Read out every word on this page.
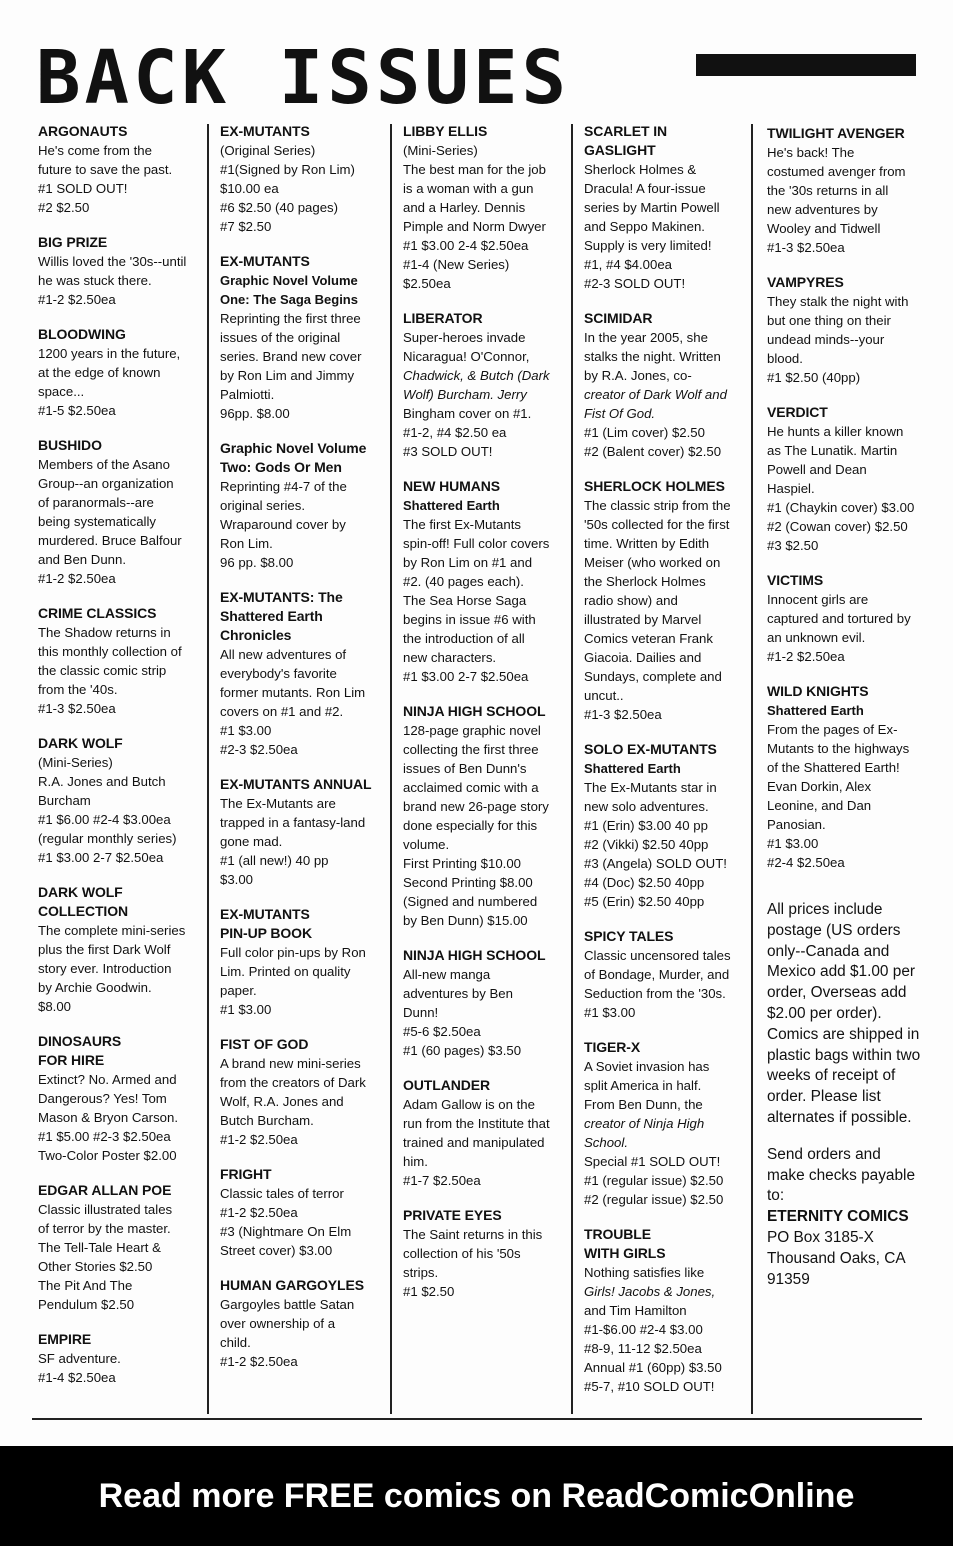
BACK ISSUES
ARGONAUTS
He's come from the
future to save the past.
#1 SOLD OUT!
#2 $2.50
BIG PRIZE
Willis loved the '30s--until
he was stuck there.
#1-2 $2.50ea
BLOODWING
1200 years in the future,
at the edge of known
space...
#1-5 $2.50ea
BUSHIDO
Members of the Asano
Group--an organization
of paranormals--are
being systematically
murdered. Bruce Balfour
and Ben Dunn.
#1-2 $2.50ea
CRIME CLASSICS
The Shadow returns in
this monthly collection of
the classic comic strip
from the '40s.
#1-3 $2.50ea
DARK WOLF
(Mini-Series)
R.A. Jones and Butch
Burcham
#1 $6.00 #2-4 $3.00ea
(regular monthly series)
#1 $3.00 2-7 $2.50ea
DARK WOLF
COLLECTION
The complete mini-series
plus the first Dark Wolf
story ever. Introduction
by Archie Goodwin.
$8.00
DINOSAURS
FOR HIRE
Extinct? No. Armed and
Dangerous? Yes! Tom
Mason & Bryon Carson.
#1 $5.00 #2-3 $2.50ea
Two-Color Poster $2.00
EDGAR ALLAN POE
Classic illustrated tales
of terror by the master.
The Tell-Tale Heart &
Other Stories $2.50
The Pit And The
Pendulum $2.50
EMPIRE
SF adventure.
#1-4 $2.50ea
EX-MUTANTS
(Original Series)
#1(Signed by Ron Lim)
$10.00 ea
#6 $2.50 (40 pages)
#7 $2.50
EX-MUTANTS
Graphic Novel Volume
One: The Saga Begins
Reprinting the first three
issues of the original
series. Brand new cover
by Ron Lim and Jimmy
Palmiotti.
96pp. $8.00
Graphic Novel Volume
Two: Gods Or Men
Reprinting #4-7 of the
original series.
Wraparound cover by
Ron Lim.
96 pp. $8.00
EX-MUTANTS: The
Shattered Earth
Chronicles
All new adventures of
everybody's favorite
former mutants. Ron Lim
covers on #1 and #2.
#1 $3.00
#2-3 $2.50ea
EX-MUTANTS ANNUAL
The Ex-Mutants are
trapped in a fantasy-land
gone mad.
#1 (all new!) 40 pp
$3.00
EX-MUTANTS
PIN-UP BOOK
Full color pin-ups by Ron
Lim. Printed on quality
paper.
#1 $3.00
FIST OF GOD
A brand new mini-series
from the creators of Dark
Wolf, R.A. Jones and
Butch Burcham.
#1-2 $2.50ea
FRIGHT
Classic tales of terror
#1-2 $2.50ea
#3 (Nightmare On Elm
Street cover) $3.00
HUMAN GARGOYLES
Gargoyles battle Satan
over ownership of a
child.
#1-2 $2.50ea
LIBBY ELLIS
(Mini-Series)
The best man for the job
is a woman with a gun
and a Harley. Dennis
Pimple and Norm Dwyer
#1 $3.00 2-4 $2.50ea
#1-4 (New Series)
$2.50ea
LIBERATOR
Super-heroes invade
Nicaragua! O'Connor,
Chadwick, & Butch (Dark
Wolf) Burcham. Jerry
Bingham cover on #1.
#1-2, #4 $2.50 ea
#3 SOLD OUT!
NEW HUMANS
Shattered Earth
The first Ex-Mutants
spin-off! Full color covers
by Ron Lim on #1 and
#2. (40 pages each).
The Sea Horse Saga
begins in issue #6 with
the introduction of all
new characters.
#1 $3.00 2-7 $2.50ea
NINJA HIGH SCHOOL
128-page graphic novel
collecting the first three
issues of Ben Dunn's
acclaimed comic with a
brand new 26-page story
done especially for this
volume.
First Printing $10.00
Second Printing $8.00
(Signed and numbered
by Ben Dunn) $15.00
NINJA HIGH SCHOOL
All-new manga
adventures by Ben
Dunn!
#5-6 $2.50ea
#1 (60 pages) $3.50
OUTLANDER
Adam Gallow is on the
run from the Institute that
trained and manipulated
him.
#1-7 $2.50ea
PRIVATE EYES
The Saint returns in this
collection of his '50s
strips.
#1 $2.50
SCARLET IN
GASLIGHT
Sherlock Holmes &
Dracula! A four-issue
series by Martin Powell
and Seppo Makinen.
Supply is very limited!
#1, #4 $4.00ea
#2-3 SOLD OUT!
SCIMIDAR
In the year 2005, she
stalks the night. Written
by R.A. Jones, co-
creator of Dark Wolf and
Fist Of God.
#1 (Lim cover) $2.50
#2 (Balent cover) $2.50
SHERLOCK HOLMES
The classic strip from the
'50s collected for the first
time. Written by Edith
Meiser (who worked on
the Sherlock Holmes
radio show) and
illustrated by Marvel
Comics veteran Frank
Giacoia. Dailies and
Sundays, complete and
uncut..
#1-3 $2.50ea
SOLO EX-MUTANTS
Shattered Earth
The Ex-Mutants star in
new solo adventures.
#1 (Erin) $3.00 40 pp
#2 (Vikki) $2.50 40pp
#3 (Angela) SOLD OUT!
#4 (Doc) $2.50 40pp
#5 (Erin) $2.50 40pp
SPICY TALES
Classic uncensored tales
of Bondage, Murder, and
Seduction from the '30s.
#1 $3.00
TIGER-X
A Soviet invasion has
split America in half.
From Ben Dunn, the
creator of Ninja High
School.
Special #1 SOLD OUT!
#1 (regular issue) $2.50
#2 (regular issue) $2.50
TROUBLE
WITH GIRLS
Nothing satisfies like
Girls! Jacobs & Jones,
and Tim Hamilton
#1-$6.00 #2-4 $3.00
#8-9, 11-12 $2.50ea
Annual #1 (60pp) $3.50
#5-7, #10 SOLD OUT!
TWILIGHT AVENGER
He's back! The
costumed avenger from
the '30s returns in all
new adventures by
Wooley and Tidwell
#1-3 $2.50ea
VAMPYRES
They stalk the night with
but one thing on their
undead minds--your
blood.
#1 $2.50 (40pp)
VERDICT
He hunts a killer known
as The Lunatik. Martin
Powell and Dean
Haspiel.
#1 (Chaykin cover) $3.00
#2 (Cowan cover) $2.50
#3 $2.50
VICTIMS
Innocent girls are
captured and tortured by
an unknown evil.
#1-2 $2.50ea
WILD KNIGHTS
Shattered Earth
From the pages of Ex-
Mutants to the highways
of the Shattered Earth!
Evan Dorkin, Alex
Leonine, and Dan
Panosian.
#1 $3.00
#2-4 $2.50ea
All prices include
postage (US orders
only--Canada and
Mexico add $1.00 per
order, Overseas add
$2.00 per order).
Comics are shipped in
plastic bags within two
weeks of receipt of
order. Please list
alternates if possible.
Send orders and
make checks payable
to:
ETERNITY COMICS
PO Box 3185-X
Thousand Oaks, CA
91359
Read more FREE comics on ReadComicOnline
